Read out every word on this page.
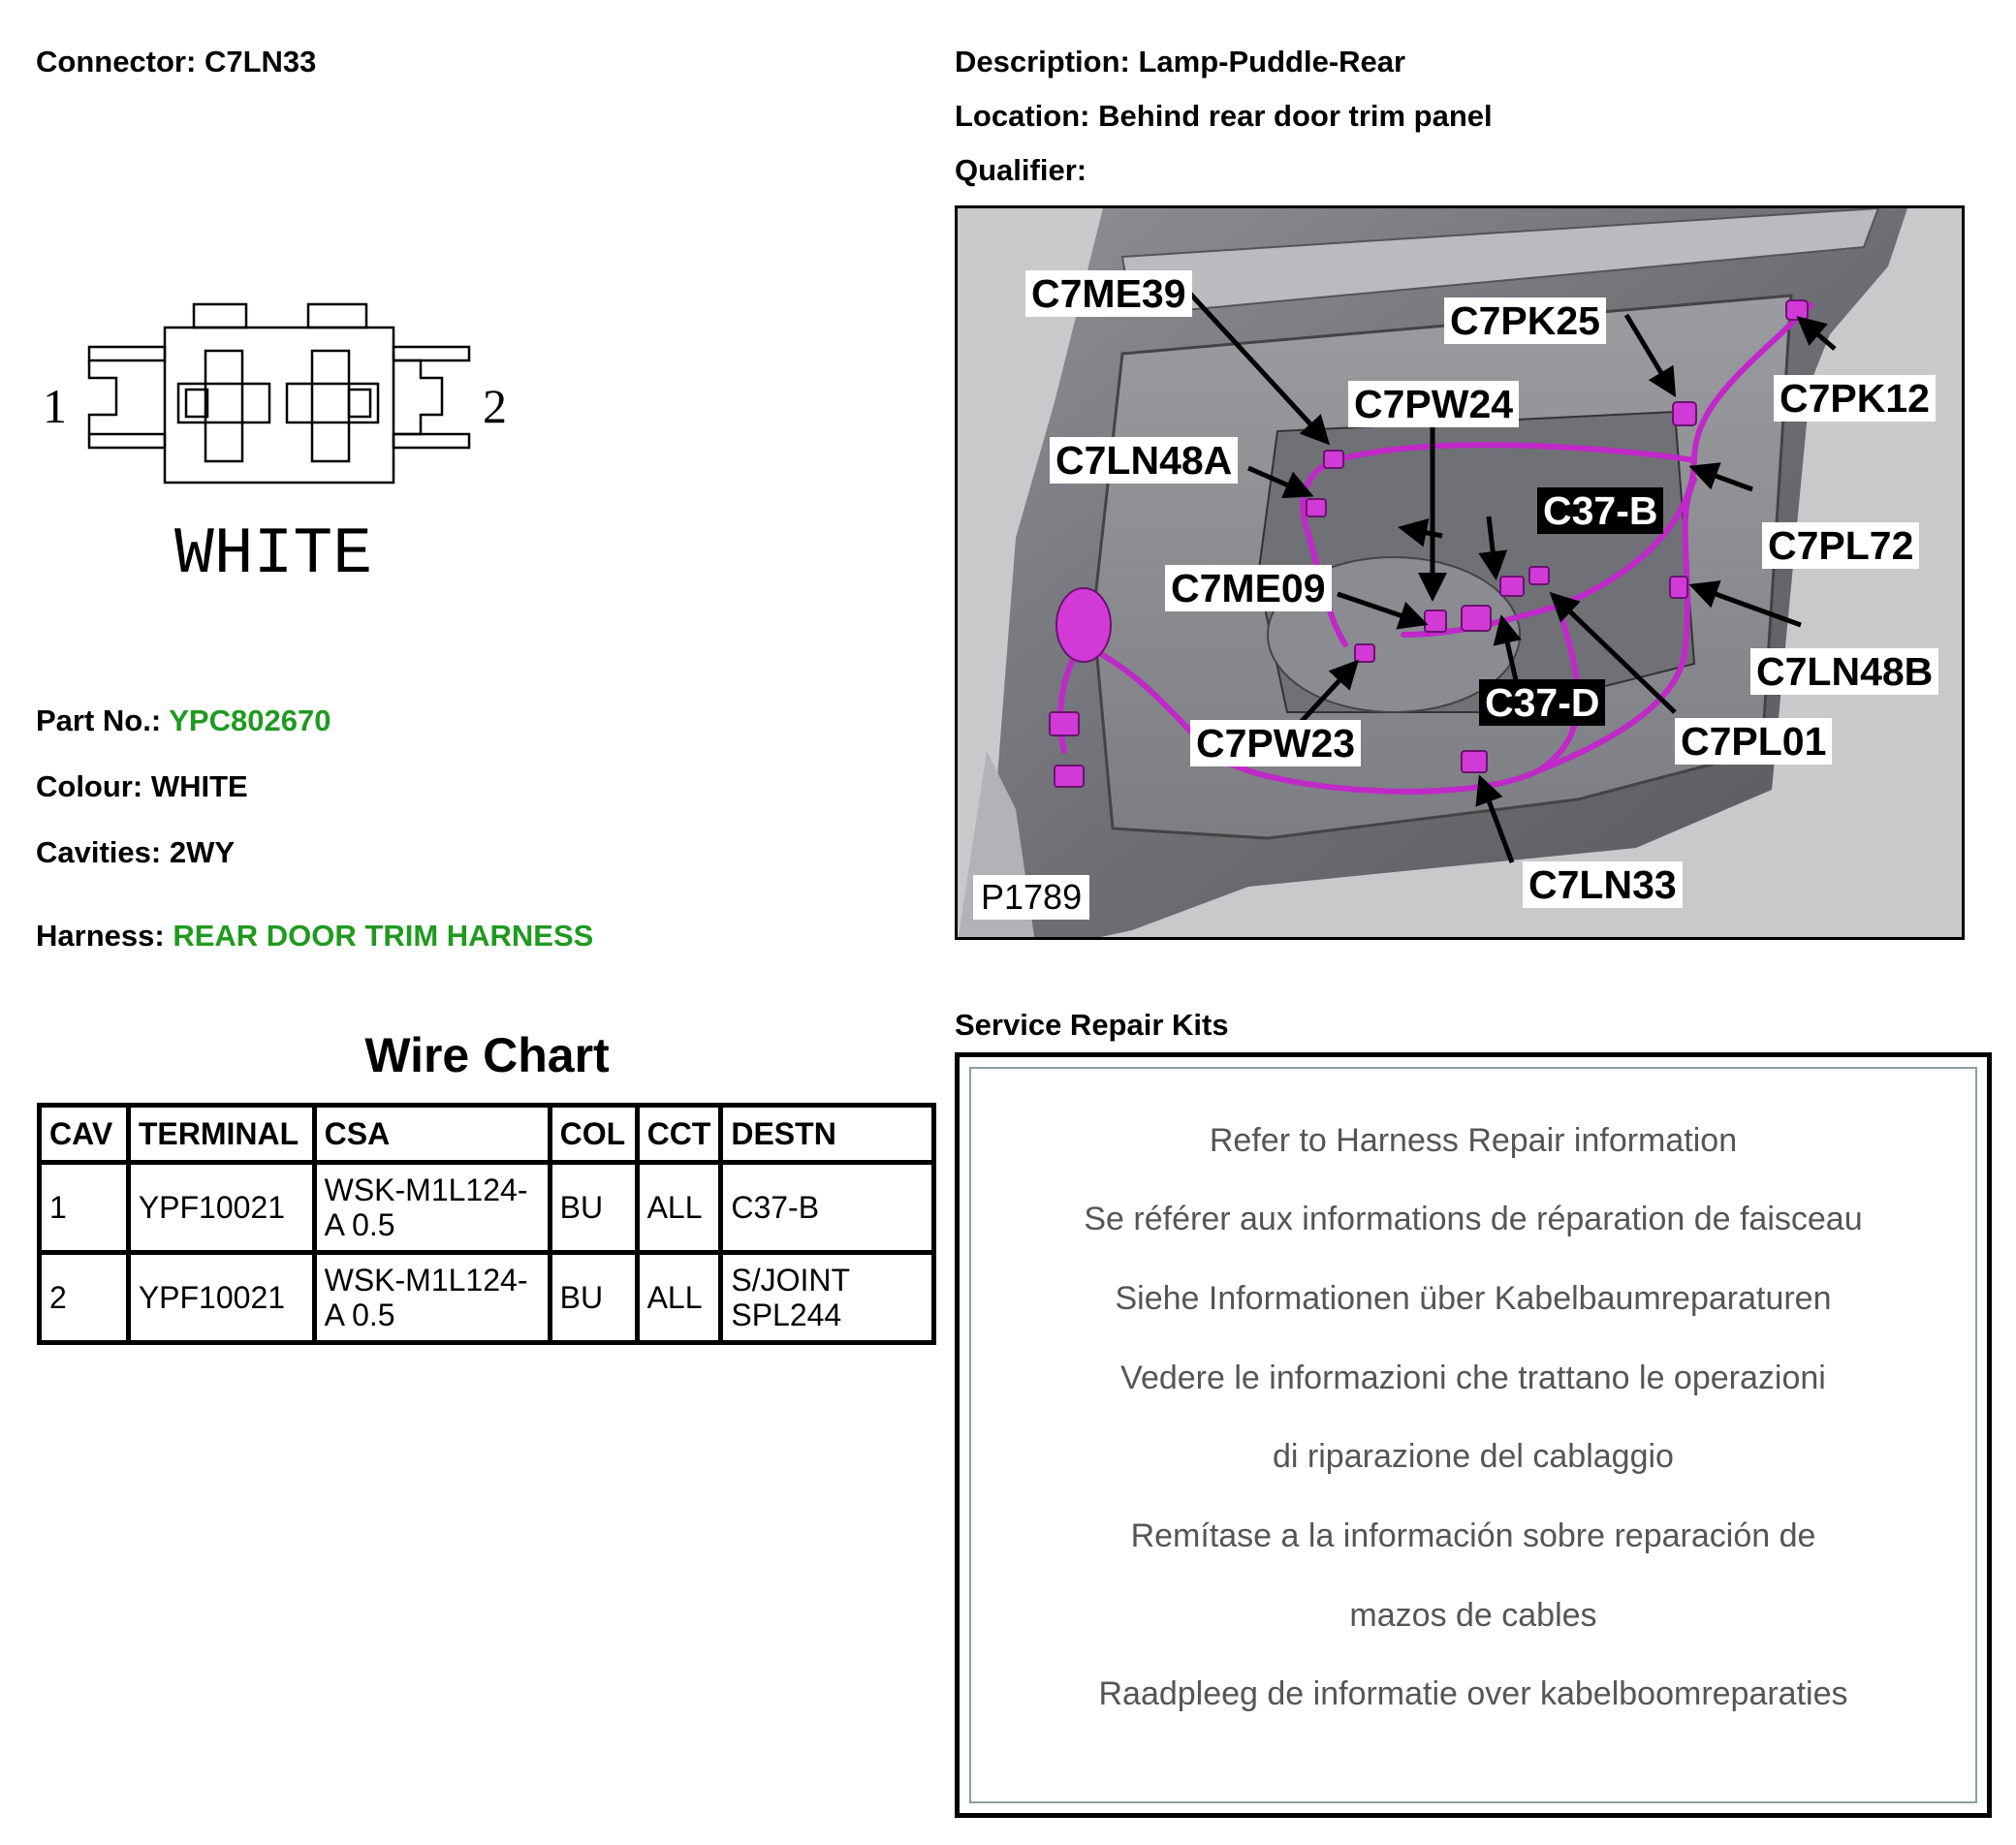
Connector: C7LN33	Description: Lamp-Puddle-Rear
Location: Behind rear door trim panel
Qualifier:
1	2
WHITE
Part No.: YPC802670
Colour: WHITE
Cavities: 2WY
Harness: REAR DOOR TRIM HARNESS
Wire Chart
CAV	TERMINAL	CSA	COL	CCT	DESTN
1	YPF10021	WSK-M1L124-
A 0.5	BU	ALL	C37-B
2	YPF10021	WSK-M1L124-
A 0.5	BU	ALL	S/JOINT
SPL244
C7ME39
C7PK25
C7PK12
C7PW24
C7LN48A
C37-B
C7PL72
C7ME09
C7LN48B
C37-D
C7PW23	C7PL01
C7LN33
P1789
Service Repair Kits
Refer to Harness Repair information
Se référer aux informations de réparation de faisceau
Siehe Informationen über Kabelbaumreparaturen
Vedere le informazioni che trattano le operazioni
di riparazione del cablaggio
Remítase a la información sobre reparación de
mazos de cables
Raadpleeg de informatie over kabelboomreparaties
